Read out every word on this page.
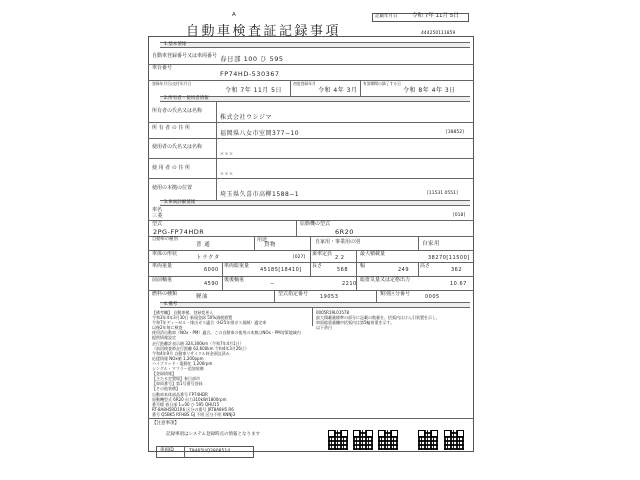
A
自動車検査証記録事項
記載年月日	令和 7年 11月 5日
444250111859
1.基本情報
自動車登録番号又は車両番号 春日部 100 ひ 595
車台番号
FP74HD-530367
登録年月日/交付年月日
令和 7年 11月 5日
初度登録年月
令和 4年 3月
有効期間の満了する日
令和 8年 4年 3日
2.所有者・使用者情報
所有者の氏名又は名称
株式会社ウシジマ
所 有 者 の 住 所
福岡県八女市室岡377−10	[38852]
使用者の氏名又は名称
＊＊＊
使 用 者 の 住 所
＊＊＊
使用の本拠の位置
埼玉県久喜市高柳1588−1	[11531 0551]
3.車両詳細情報
車名
三菱	[018]
型式
2PG-FP74HDR
原動機の型式
6R20
自動車の種別
普 通
用途
貨物	自家用・事業用の別	自家用
車体の形状
トラクタ	[027]
乗車定員
2 2
最大積載量
38270[11500]
車両重量
6000
車両総重量
45185[18410]
長さ
568
幅
249
高さ
362
前前軸重
4590
後後軸重
−	2210
総排気量又は定格出力
10.67
燃料の種類	軽油	型式指定番号 19053	類別区分番号	0005
4.備考
【備考欄】 自動車検、登録変更入
令和3年4年3月30日 新規登録 50%減税措置
令和7年ディーゼル・排出ガス適合（H25年排ガス規制）適定車
以後2年毎に検査
使用済自動車（NOx・PM）適合。この自動車の使用の本拠はNOx・PM対策地域内
提供情報設定
走行距離計表示値 324,300km（令和7年4月1日）
（前回検査時走行距離 62,600km 令和4年3月26日）
令和4年9月 自動車リサイクル料金預託済み
応援情報 NOx値 1,200ppm
ハイブリッド・電動化 1,200rpm
シングル・マフラー追加装備
【登録情報】
【主たる定置場】春日部市
【車両番号】第1号番号登録
【その他装備】
自動車本体部品番号 FP74HDR
原動機型式 6R20 出力310kW/1800rpm
番号標 春日部 1=00 ひ 595 QHU15
RT-8A8H5RD1R6 区分の番号 JRT8A8H5 R6
番号 Q5BK5 RFHBS GJ 不明 区分不明 KNNJ3
0005R19L01578
最大積載量標準の部分に記載の数量を、括弧内はけん引装置を示し、
車両総重量欄中括弧内は第5輪荷重を示す。
以下余白
【注意事項】
記録事項はシステム登録時点の情報となります
車両ID	T9465UQ2808514
